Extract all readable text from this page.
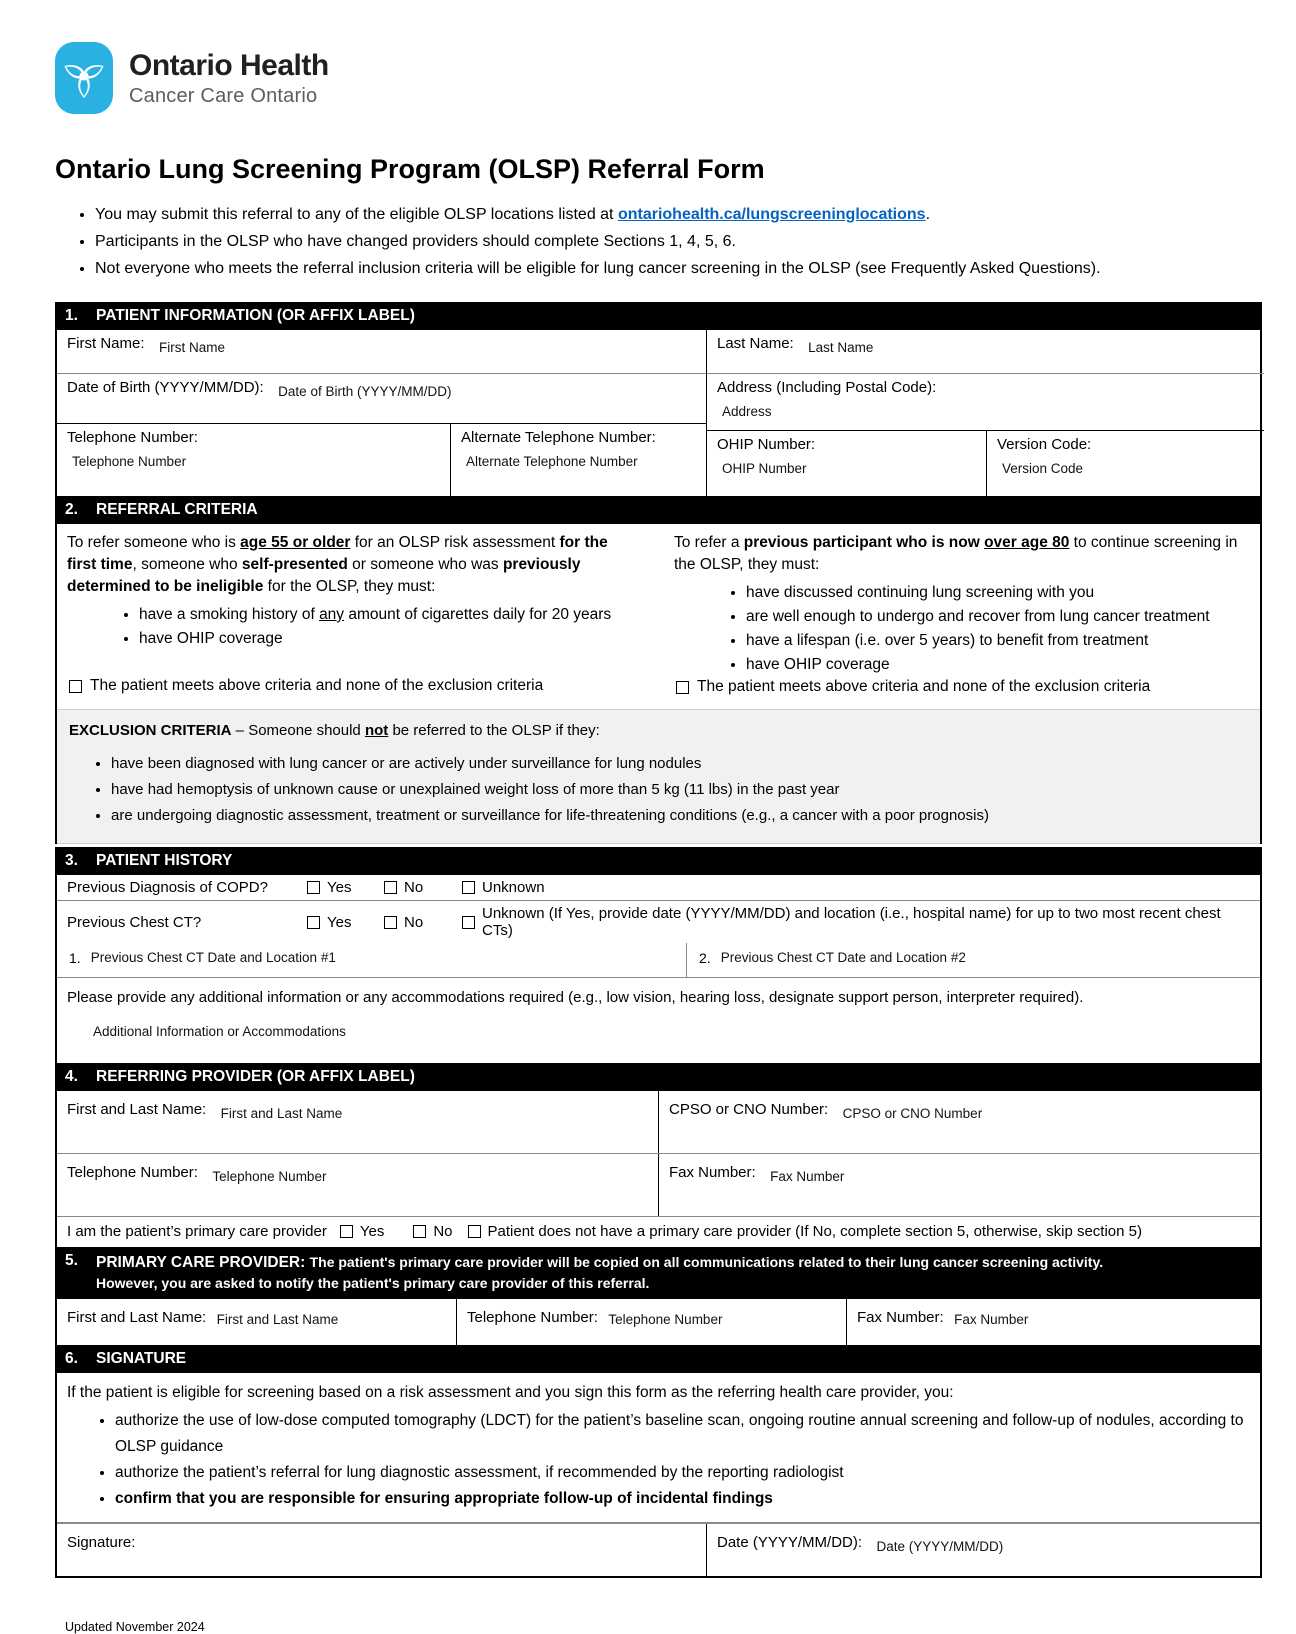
Ontario Health
Cancer Care Ontario
Ontario Lung Screening Program (OLSP) Referral Form
• You may submit this referral to any of the eligible OLSP locations listed at ontariohealth.ca/lungscreeninglocations.
• Participants in the OLSP who have changed providers should complete Sections 1, 4, 5, 6.
• Not everyone who meets the referral inclusion criteria will be eligible for lung cancer screening in the OLSP (see Frequently Asked Questions).
1.	PATIENT INFORMATION (OR AFFIX LABEL)
First Name: $_{First Name}$
Date of Birth (YYYY/MM/DD): $_{Date of Birth (YYYY/MM/DD)}$
Telephone Number:
Telephone Number
Alternate Telephone Number:
Alternate Telephone Number
Last Name: $_{Last Name}$
Address (Including Postal Code):
Address
OHIP Number:
OHIP Number
Version Code:
Version Code
2.	REFERRAL CRITERIA

To refer someone who is age 55 or older for an OLSP risk assessment for the first time, someone who self-presented or someone who was previously determined to be ineligible for the OLSP, they must:

• have a smoking history of any amount of cigarettes daily for 20 years
• have OHIP coverage
The patient meets above criteria and none of the exclusion criteria

To refer a previous participant who is now over age 80 to continue screening in the OLSP, they must:

• have discussed continuing lung screening with you
• are well enough to undergo and recover from lung cancer treatment
• have a lifespan (i.e. over 5 years) to benefit from treatment
• have OHIP coverage
The patient meets above criteria and none of the exclusion criteria
EXCLUSION CRITERIA – Someone should not be referred to the OLSP if they:
• have been diagnosed with lung cancer or are actively under surveillance for lung nodules
• have had hemoptysis of unknown cause or unexplained weight loss of more than 5 kg (11 lbs) in the past year
• are undergoing diagnostic assessment, treatment or surveillance for life-threatening conditions (e.g., a cancer with a poor prognosis)
3.	PATIENT HISTORY
Previous Diagnosis of COPD?	Yes	No	Unknown
Previous Chest CT?	Yes	No	Unknown (If Yes, provide date (YYYY/MM/DD) and location (i.e., hospital name) for up to two most recent chest CTs)
1. Previous Chest CT Date and Location #1	2. Previous Chest CT Date and Location #2
Please provide any additional information or any accommodations required (e.g., low vision, hearing loss, designate support person, interpreter required).
Additional Information or Accommodations
4.	REFERRING PROVIDER (OR AFFIX LABEL)
First and Last Name: $_{First and Last Name}$	CPSO or CNO Number: $_{CPSO or CNO Number}$
Telephone Number: $_{Telephone Number}$	Fax Number: $_{Fax Number}$
I am the patient’s primary care provider Yes	No Patient does not have a primary care provider (If No, complete section 5, otherwise, skip section 5)
5.	PRIMARY CARE PROVIDER: The patient's primary care provider will be copied on all communications related to their lung cancer screening activity.
However, you are asked to notify the patient's primary care provider of this referral.
First and Last Name: First and Last Name	Telephone Number: Telephone Number	Fax Number: Fax Number
6.	SIGNATURE

If the patient is eligible for screening based on a risk assessment and you sign this form as the referring health care provider, you:

• authorize the use of low-dose computed tomography (LDCT) for the patient’s baseline scan, ongoing routine annual screening and follow-up of nodules, according to OLSP guidance
• authorize the patient’s referral for lung diagnostic assessment, if recommended by the reporting radiologist
• confirm that you are responsible for ensuring appropriate follow-up of incidental findings
Signature:	Date (YYYY/MM/DD): $_{Date (YYYY/MM/DD)}$
Updated November 2024
